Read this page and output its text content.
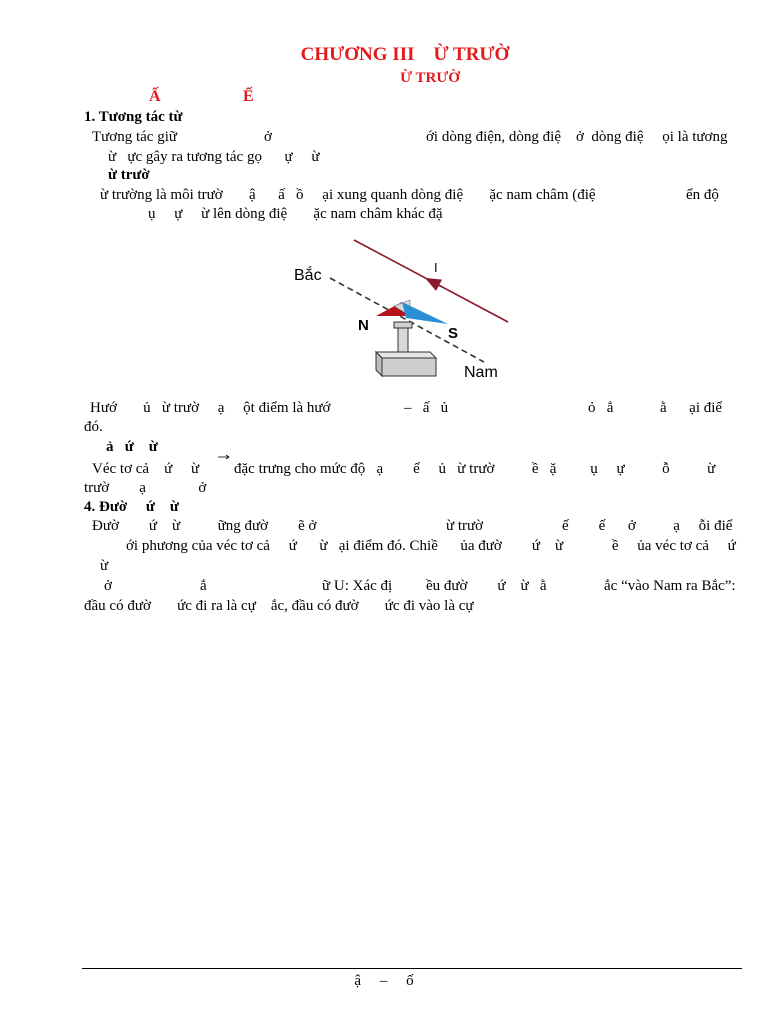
CHƯƠNG III    Ừ TRƯỜ
Ừ TRƯỜ
Ấ	Ế
1. Tương tác từ
Tương tác giữ	ở	ới dòng điện, dòng điệ    ở  dòng điệ     ọi là tương
ừ   ực gây ra tương tác gọ      ự     ừ
ừ trườ
ừ trường là môi trườ       ậ      ấ   ồ     ại xung quanh dòng điệ       ặc nam châm (điệ	ển độ
ụ     ự     ừ lên dòng điệ       ặc nam châm khác đặ
I
Bắc
Nam
N	S
Hướ       ủ   ừ trườ     ạ     ột điểm là hướ	–   ấ   ủ	ỏ   ẳ	ằ      ại điể
đó.
ả   ứ    ừ
Véc tơ cả    ứ     ừ đặc trưng cho mức độ   ạ        ế     ủ   ừ trườ          ề   ặ         ụ     ự          ỗ          ừ
trườ        ạ              ở
4. Đườ     ứ    ừ
Đườ        ứ    ừ          ững đườ        ẽ ở	ừ trườ	ế        ế      ở          ạ     ỗi điể
ới phương của véc tơ cả     ứ      ừ   ại điểm đó. Chiề      ủa đườ        ứ    ừ             ề     ủa véc tơ cả     ứ
ừ
ở	ắ	ữ U: Xác đị         ều đườ        ứ    ừ   ằ	ắc “vào Nam ra Bắc”:
đầu có đườ       ức đi ra là cự    ắc, đầu có đườ       ức đi vào là cự
ậ     –     ố
